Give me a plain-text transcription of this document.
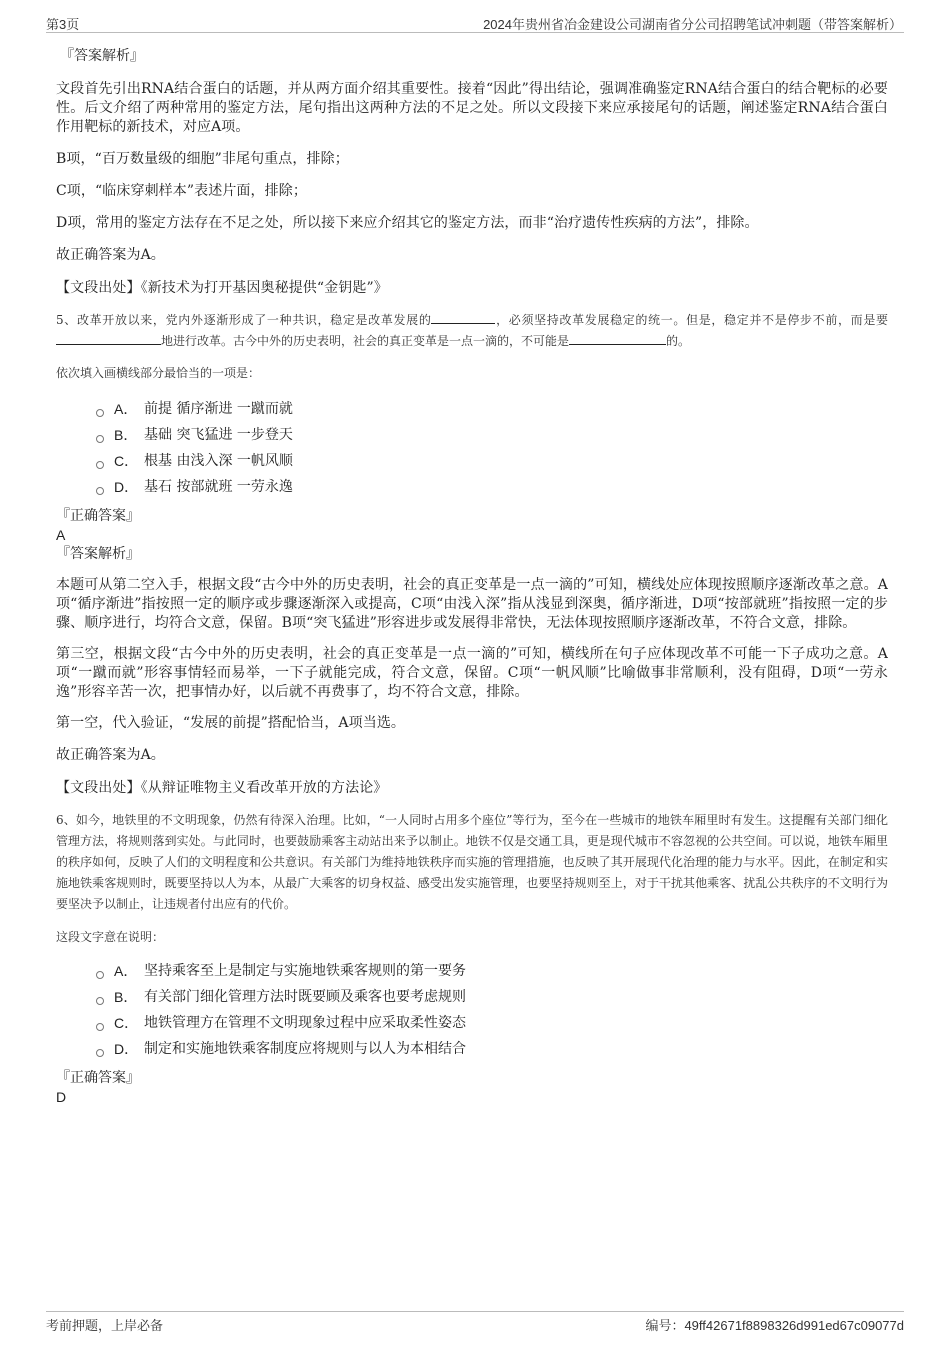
第3页	2024年贵州省冶金建设公司湖南省分公司招聘笔试冲刺题（带答案解析）
『答案解析』

文段首先引出RNA结合蛋白的话题，并从两方面介绍其重要性。接着“因此”得出结论，强调准确鉴定RNA结合蛋白的结合靶标的必要性。后文介绍了两种常用的鉴定方法，尾句指出这两种方法的不足之处。所以文段接下来应承接尾句的话题，阐述鉴定RNA结合蛋白作用靶标的新技术，对应A项。

B项，“百万数量级的细胞”非尾句重点，排除；

C项，“临床穿刺样本”表述片面，排除；

D项，常用的鉴定方法存在不足之处，所以接下来应介绍其它的鉴定方法，而非“治疗遗传性疾病的方法”，排除。

故正确答案为A。

【文段出处】《新技术为打开基因奥秘提供“金钥匙”》

5、改革开放以来，党内外逐渐形成了一种共识，稳定是改革发展的	，必须坚持改革发展稳定的统一。但是，稳定并不是停步不前，而是要地进行改革。古今中外的历史表明，社会的真正变革是一点一滴的，不可能是	的。

依次填入画横线部分最恰当的一项是：

A． 前提 循序渐进 一蹴而就
B． 基础 突飞猛进 一步登天
C． 根基 由浅入深 一帆风顺
D． 基石 按部就班 一劳永逸
『正确答案』
A
『答案解析』

本题可从第二空入手，根据文段“古今中外的历史表明，社会的真正变革是一点一滴的”可知，横线处应体现按照顺序逐渐改革之意。A项“循序渐进”指按照一定的顺序或步骤逐渐深入或提高，C项“由浅入深”指从浅显到深奥，循序渐进，D项“按部就班”指按照一定的步骤、顺序进行，均符合文意，保留。B项“突飞猛进”形容进步或发展得非常快，无法体现按照顺序逐渐改革，不符合文意，排除。

第三空，根据文段“古今中外的历史表明，社会的真正变革是一点一滴的”可知，横线所在句子应体现改革不可能一下子成功之意。A项“一蹴而就”形容事情轻而易举，一下子就能完成，符合文意，保留。C项“一帆风顺”比喻做事非常顺利，没有阻碍，D项“一劳永逸”形容辛苦一次，把事情办好，以后就不再费事了，均不符合文意，排除。

第一空，代入验证，“发展的前提”搭配恰当，A项当选。

故正确答案为A。

【文段出处】《从辩证唯物主义看改革开放的方法论》

6、如今，地铁里的不文明现象，仍然有待深入治理。比如，“一人同时占用多个座位”等行为，至今在一些城市的地铁车厢里时有发生。这提醒有关部门细化管理方法，将规则落到实处。与此同时，也要鼓励乘客主动站出来予以制止。地铁不仅是交通工具，更是现代城市不容忽视的公共空间。可以说，地铁车厢里的秩序如何，反映了人们的文明程度和公共意识。有关部门为维持地铁秩序而实施的管理措施，也反映了其开展现代化治理的能力与水平。因此，在制定和实施地铁乘客规则时，既要坚持以人为本，从最广大乘客的切身权益、感受出发实施管理，也要坚持规则至上，对于干扰其他乘客、扰乱公共秩序的不文明行为要坚决予以制止，让违规者付出应有的代价。

这段文字意在说明：

A． 坚持乘客至上是制定与实施地铁乘客规则的第一要务
B． 有关部门细化管理方法时既要顾及乘客也要考虑规则
C． 地铁管理方在管理不文明现象过程中应采取柔性姿态
D． 制定和实施地铁乘客制度应将规则与以人为本相结合
『正确答案』
D
考前押题，上岸必备	编号：49ff42671f8898326d991ed67c09077d
